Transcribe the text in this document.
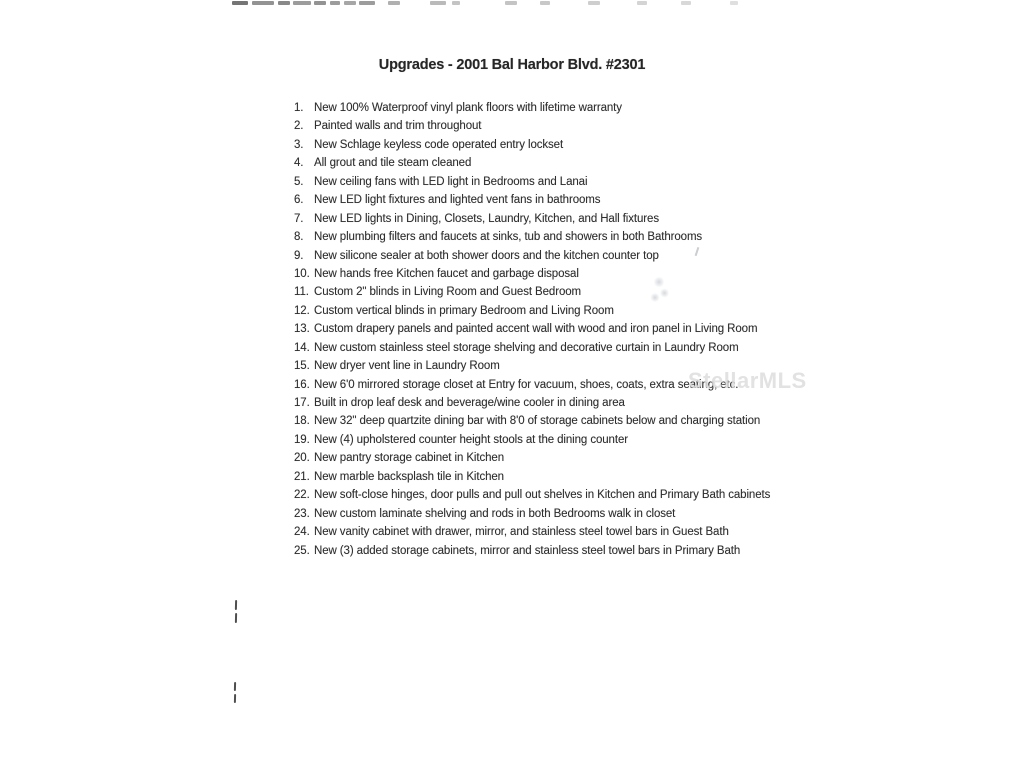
Upgrades - 2001 Bal Harbor Blvd. #2301
1. New 100% Waterproof vinyl plank floors with lifetime warranty
2. Painted walls and trim throughout
3. New Schlage keyless code operated entry lockset
4. All grout and tile steam cleaned
5. New ceiling fans with LED light in Bedrooms and Lanai
6. New LED light fixtures and lighted vent fans in bathrooms
7. New LED lights in Dining, Closets, Laundry, Kitchen, and Hall fixtures
8. New plumbing filters and faucets at sinks, tub and showers in both Bathrooms
9. New silicone sealer at both shower doors and the kitchen counter top
10. New hands free Kitchen faucet and garbage disposal
11. Custom 2" blinds in Living Room and Guest Bedroom
12. Custom vertical blinds in primary Bedroom and Living Room
13. Custom drapery panels and painted accent wall with wood and iron panel in Living Room
14. New custom stainless steel storage shelving and decorative curtain in Laundry Room
15. New dryer vent line in Laundry Room
16. New 6'0 mirrored storage closet at Entry for vacuum, shoes, coats, extra seating, etc.
17. Built in drop leaf desk and beverage/wine cooler in dining area
18. New 32" deep quartzite dining bar with 8'0 of storage cabinets below and charging station
19. New (4) upholstered counter height stools at the dining counter
20. New pantry storage cabinet in Kitchen
21. New marble backsplash tile in Kitchen
22. New soft-close hinges, door pulls and pull out shelves in Kitchen and Primary Bath cabinets
23. New custom laminate shelving and rods in both Bedrooms walk in closet
24. New vanity cabinet with drawer, mirror, and stainless steel towel bars in Guest Bath
25. New (3) added storage cabinets, mirror and stainless steel towel bars in Primary Bath
StellarMLS
